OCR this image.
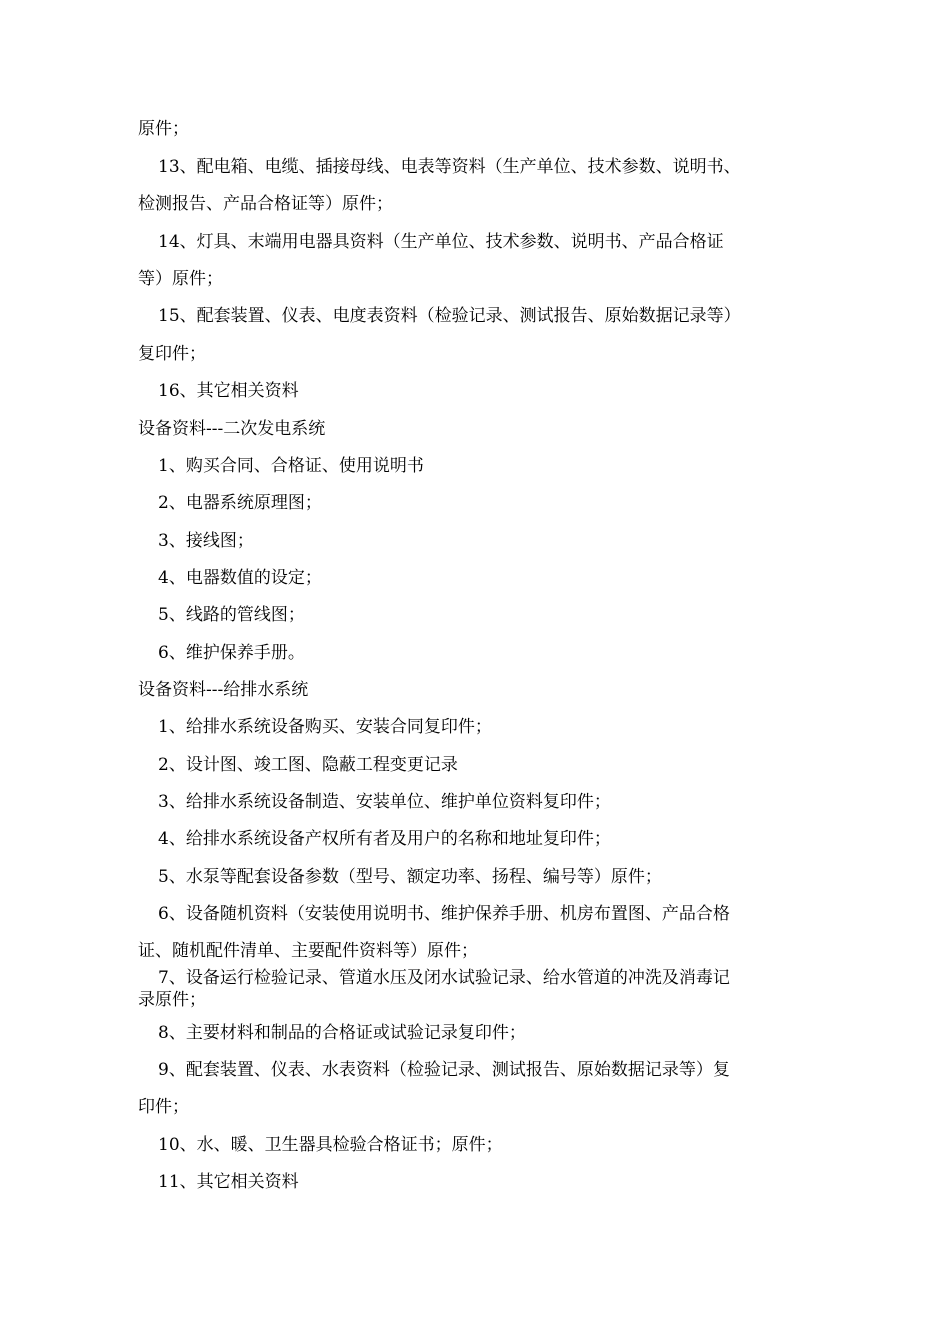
原件；
13、配电箱、电缆、插接母线、电表等资料（生产单位、技术参数、说明书、
检测报告、产品合格证等）原件；
14、灯具、末端用电器具资料（生产单位、技术参数、说明书、产品合格证
等）原件；
15、配套装置、仪表、电度表资料（检验记录、测试报告、原始数据记录等）
复印件；
16、其它相关资料
设备资料---二次发电系统
1、购买合同、合格证、使用说明书
2、电器系统原理图；
3、接线图；
4、电器数值的设定；
5、线路的管线图；
6、维护保养手册。
设备资料---给排水系统
1、给排水系统设备购买、安装合同复印件；
2、设计图、竣工图、隐蔽工程变更记录
3、给排水系统设备制造、安装单位、维护单位资料复印件；
4、给排水系统设备产权所有者及用户的名称和地址复印件；
5、水泵等配套设备参数（型号、额定功率、扬程、编号等）原件；
6、设备随机资料（安装使用说明书、维护保养手册、机房布置图、产品合格
证、随机配件清单、主要配件资料等）原件；
7、设备运行检验记录、管道水压及闭水试验记录、给水管道的冲洗及消毒记
录原件；
8、主要材料和制品的合格证或试验记录复印件；
9、配套装置、仪表、水表资料（检验记录、测试报告、原始数据记录等）复
印件；
10、水、暖、卫生器具检验合格证书；原件；
11、其它相关资料
